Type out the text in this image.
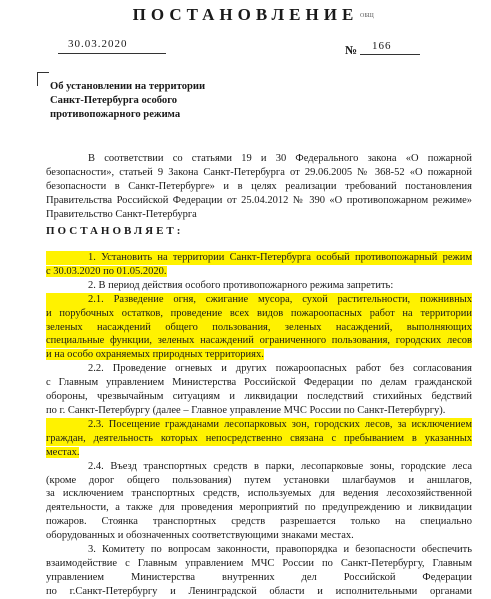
ПОСТАНОВЛЕНИЕ ОБЩ
30.03.2020	№ 166
Об установлении на территории
Санкт-Петербурга особого
противопожарного режима
В соответствии со статьями 19 и 30 Федерального закона «О пожарной
безопасности», статьей 9 Закона Санкт-Петербурга от 29.06.2005 № 368-52 «О пожарной
безопасности в Санкт-Петербурге» и в целях реализации требований постановления
Правительства Российской Федерации от 25.04.2012 № 390 «О противопожарном режиме»
Правительство Санкт-Петербурга
ПОСТАНОВЛЯЕТ:
1. Установить на территории Санкт-Петербурга особый противопожарный режим
с 30.03.2020 по 01.05.2020.
2. В период действия особого противопожарного режима запретить:
2.1. Разведение огня, сжигание мусора, сухой растительности, пожнивных
и порубочных остатков, проведение всех видов пожароопасных работ на территории
зеленых насаждений общего пользования, зеленых насаждений, выполняющих
специальные функции, зеленых насаждений ограниченного пользования, городских лесов
и на особо охраняемых природных территориях.
2.2. Проведение огневых и других пожароопасных работ без согласования
с Главным управлением Министерства Российской Федерации по делам гражданской
обороны, чрезвычайным ситуациям и ликвидации последствий стихийных бедствий
по г. Санкт-Петербургу (далее – Главное управление МЧС России по Санкт-Петербургу).
2.3. Посещение гражданами лесопарковых зон, городских лесов, за исключением
граждан, деятельность которых непосредственно связана с пребыванием в указанных
местах.
2.4. Въезд транспортных средств в парки, лесопарковые зоны, городские леса
(кроме дорог общего пользования) путем установки шлагбаумов и аншлагов,
за исключением транспортных средств, используемых для ведения лесохозяйственной
деятельности, а также для проведения мероприятий по предупреждению и ликвидации
пожаров. Стоянка транспортных средств разрешается только на специально
оборудованных и обозначенных соответствующими знаками местах.
3. Комитету по вопросам законности, правопорядка и безопасности обеспечить
взаимодействие с Главным управлением МЧС России по Санкт-Петербургу, Главным
управлением Министерства внутренних дел Российской Федерации
по г.Санкт-Петербургу и Ленинградской области и исполнительными органами
